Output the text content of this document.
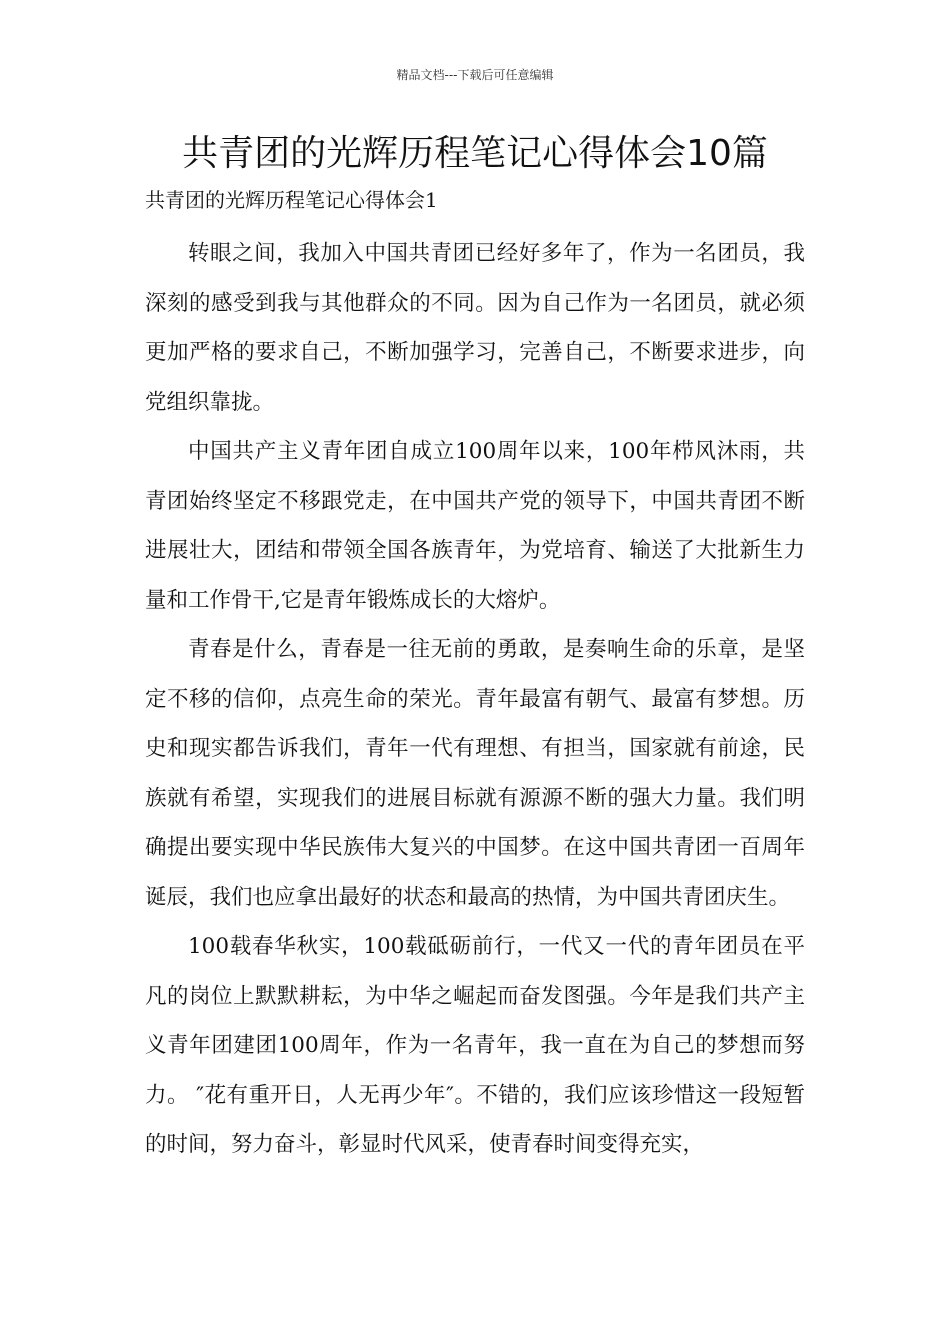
精品文档---下载后可任意编辑
共青团的光辉历程笔记心得体会10篇
共青团的光辉历程笔记心得体会1

转眼之间，我加入中国共青团已经好多年了，作为一名团员，我深刻的感受到我与其他群众的不同。因为自己作为一名团员，就必须更加严格的要求自己，不断加强学习，完善自己，不断要求进步，向党组织靠拢。

中国共产主义青年团自成立100周年以来，100年栉风沐雨，共青团始终坚定不移跟党走，在中国共产党的领导下，中国共青团不断进展壮大，团结和带领全国各族青年，为党培育、输送了大批新生力量和工作骨干,它是青年锻炼成长的大熔炉。

青春是什么，青春是一往无前的勇敢，是奏响生命的乐章，是坚定不移的信仰，点亮生命的荣光。青年最富有朝气、最富有梦想。历史和现实都告诉我们，青年一代有理想、有担当，国家就有前途，民族就有希望，实现我们的进展目标就有源源不断的强大力量。我们明确提出要实现中华民族伟大复兴的中国梦。在这中国共青团一百周年诞辰，我们也应拿出最好的状态和最高的热情，为中国共青团庆生。

100载春华秋实，100载砥砺前行，一代又一代的青年团员在平凡的岗位上默默耕耘，为中华之崛起而奋发图强。今年是我们共产主义青年团建团100周年，作为一名青年，我一直在为自己的梦想而努力。 ″花有重开日，人无再少年″。不错的，我们应该珍惜这一段短暂的时间，努力奋斗，彰显时代风采，使青春时间变得充实，
